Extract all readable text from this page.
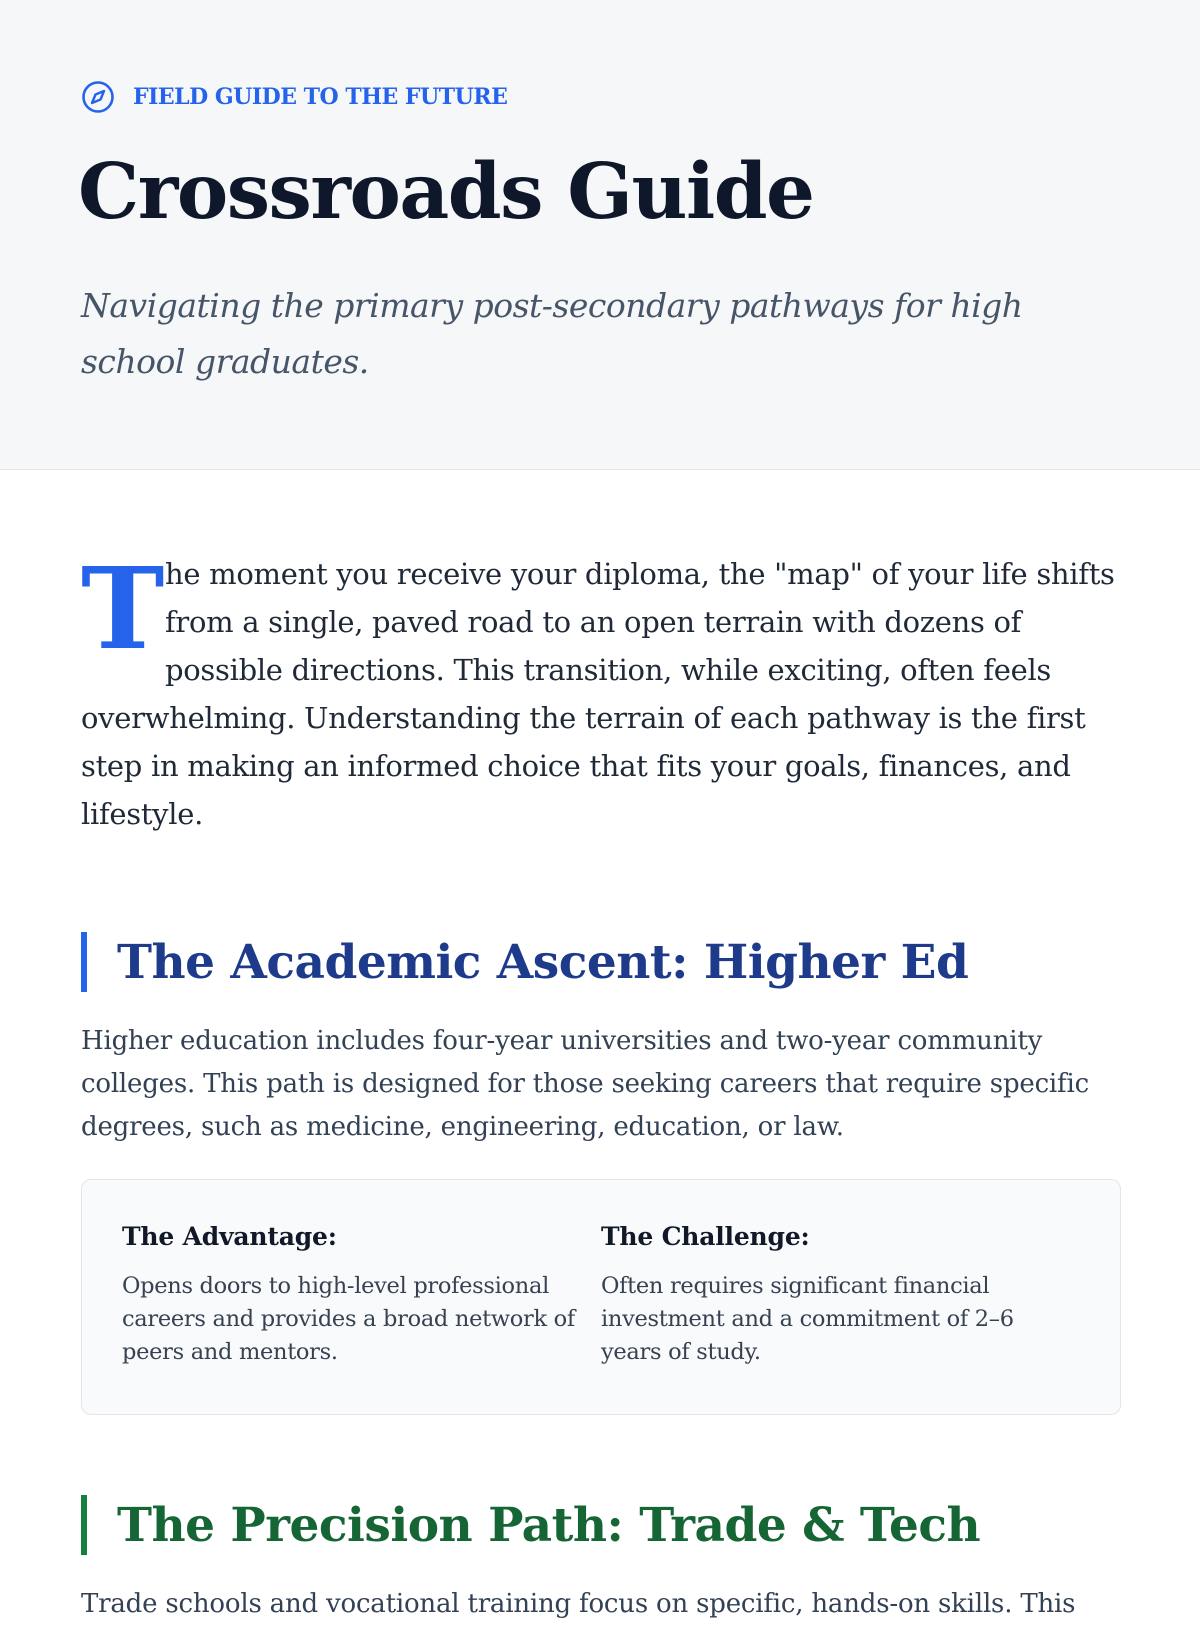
FIELD GUIDE TO THE FUTURE
Crossroads Guide

Navigating the primary post-secondary pathways for high school graduates.

The moment you receive your diploma, the "map" of your life shifts from a single, paved road to an open terrain with dozens of possible directions. This transition, while exciting, often feels overwhelming. Understanding the terrain of each pathway is the first step in making an informed choice that fits your goals, finances, and lifestyle.

The Academic Ascent: Higher Ed

Higher education includes four-year universities and two-year community colleges. This path is designed for those seeking careers that require specific degrees, such as medicine, engineering, education, or law.

The Advantage:
Opens doors to high-level professional careers and provides a broad network of peers and mentors.
The Challenge:
Often requires significant financial investment and a commitment of 2–6 years of study.
The Precision Path: Trade & Tech

Trade schools and vocational training focus on specific, hands-on skills. This
